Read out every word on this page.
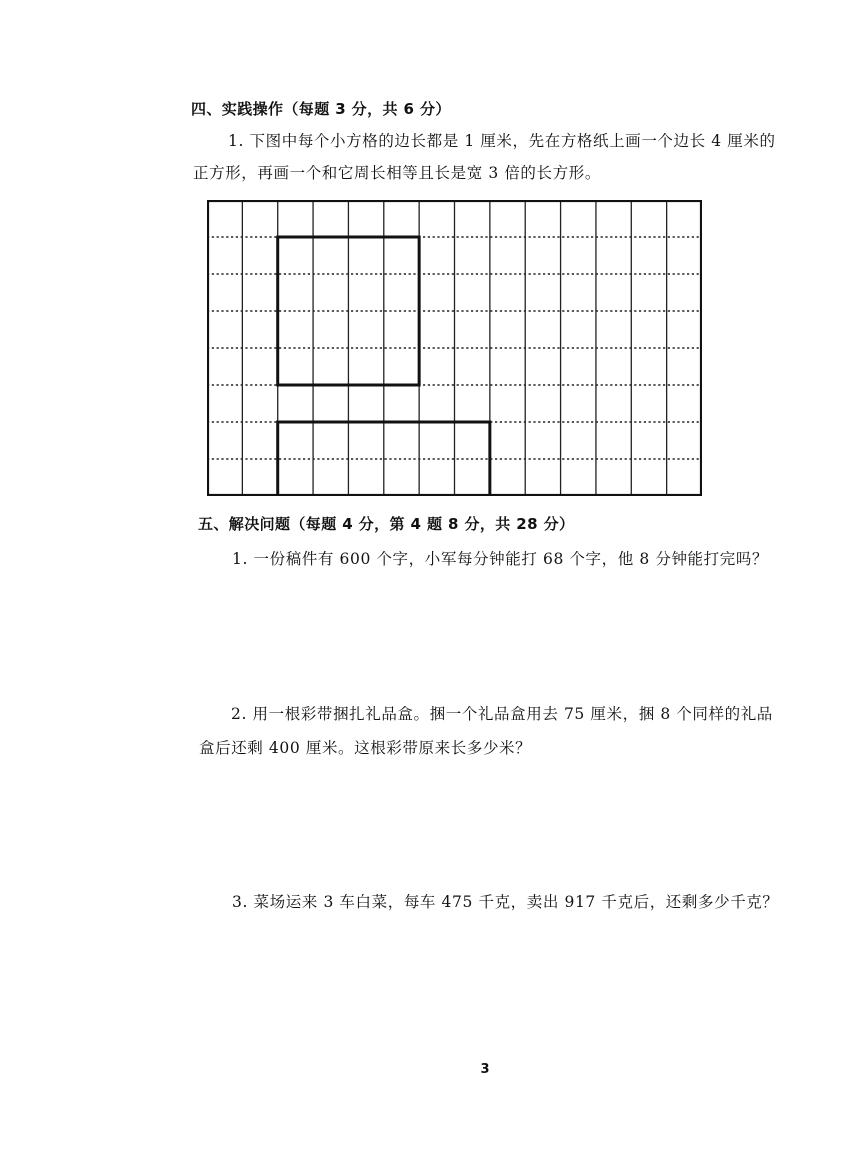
四、实践操作（每题 3 分，共 6 分）
1. 下图中每个小方格的边长都是 1 厘米，先在方格纸上画一个边长 4 厘米的
正方形，再画一个和它周长相等且长是宽 3 倍的长方形。
五、解决问题（每题 4 分，第 4 题 8 分，共 28 分）
1. 一份稿件有 600 个字，小军每分钟能打 68 个字，他 8 分钟能打完吗？
2. 用一根彩带捆扎礼品盒。捆一个礼品盒用去 75 厘米，捆 8 个同样的礼品
盒后还剩 400 厘米。这根彩带原来长多少米？
3. 菜场运来 3 车白菜，每车 475 千克，卖出 917 千克后，还剩多少千克？
3
